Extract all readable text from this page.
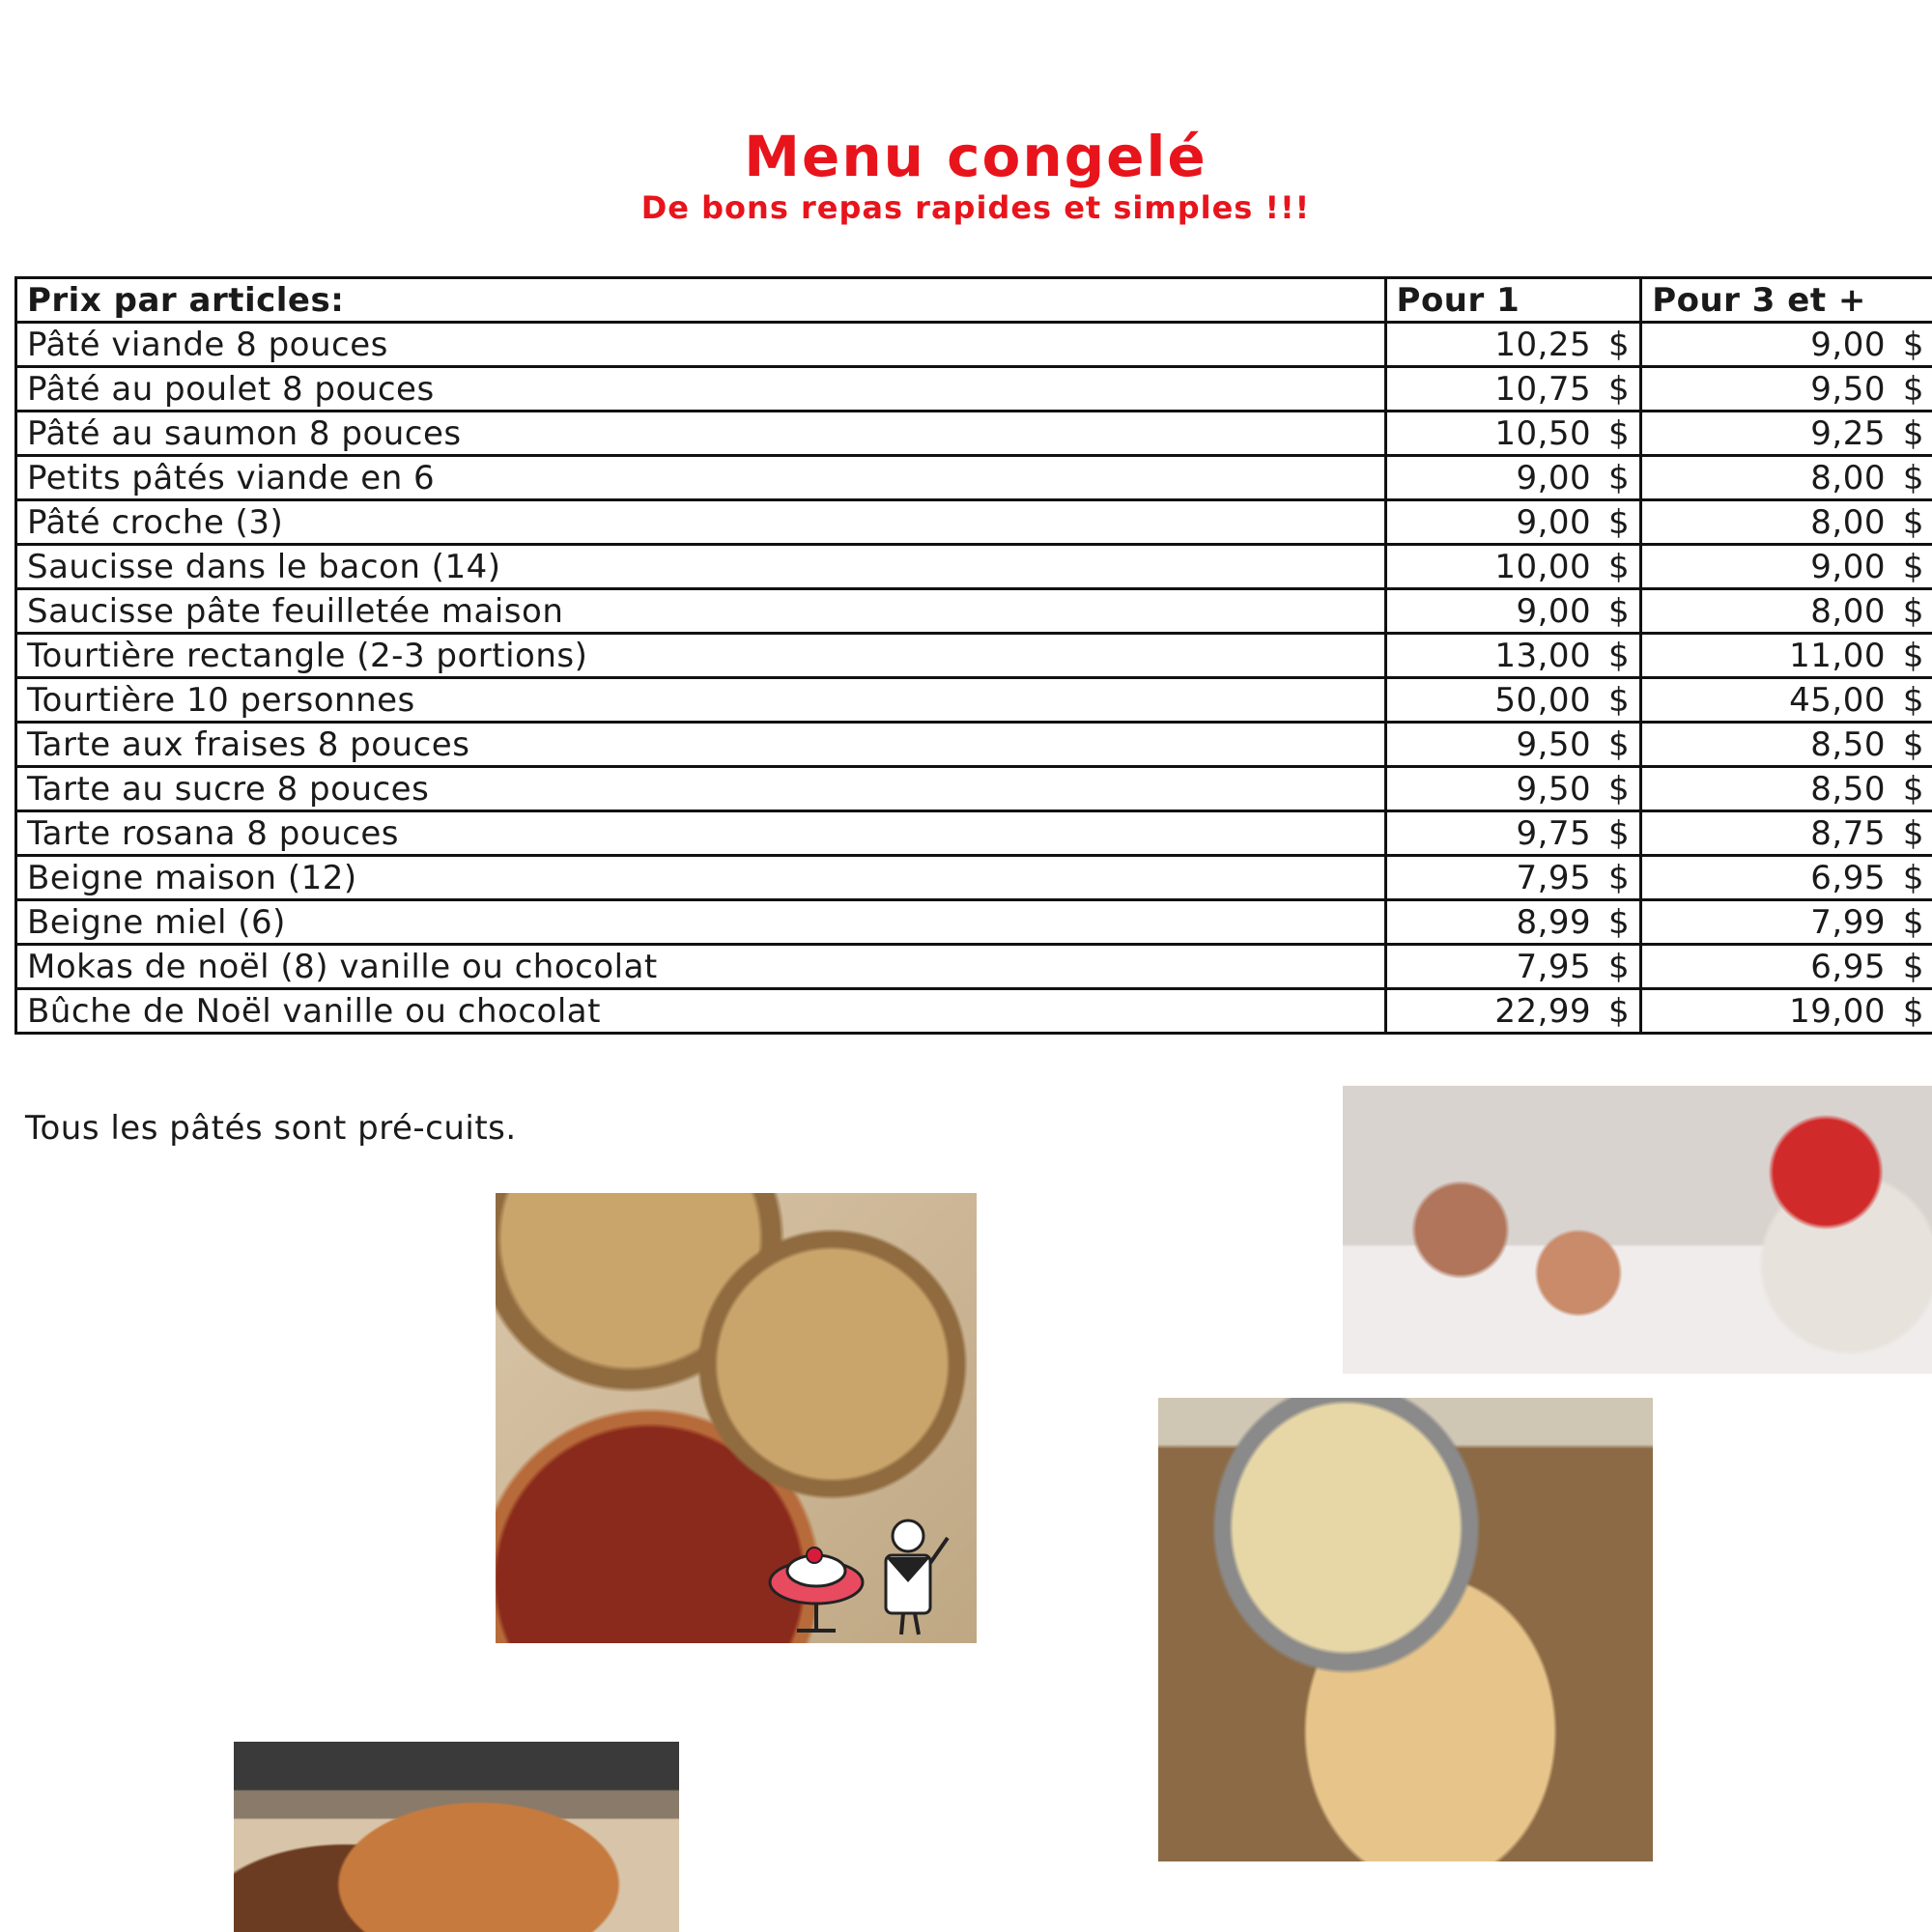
Menu congelé
De bons repas rapides et simples !!!
Prix par articles:	Pour 1	Pour 3 et +
Pâté viande 8 pouces	10,25 $	9,00 $
Pâté au poulet 8 pouces	10,75 $	9,50 $
Pâté au saumon 8 pouces	10,50 $	9,25 $
Petits pâtés viande en 6	9,00 $	8,00 $
Pâté croche (3)	9,00 $	8,00 $
Saucisse dans le bacon (14)	10,00 $	9,00 $
Saucisse pâte feuilletée maison	9,00 $	8,00 $
Tourtière rectangle (2-3 portions)	13,00 $	11,00 $
Tourtière 10 personnes	50,00 $	45,00 $
Tarte aux fraises 8 pouces	9,50 $	8,50 $
Tarte au sucre 8 pouces	9,50 $	8,50 $
Tarte rosana 8 pouces	9,75 $	8,75 $
Beigne maison (12)	7,95 $	6,95 $
Beigne miel (6)	8,99 $	7,99 $
Mokas de noël (8) vanille ou chocolat	7,95 $	6,95 $
Bûche de Noël vanille ou chocolat	22,99 $	19,00 $
Tous les pâtés sont pré-cuits.
